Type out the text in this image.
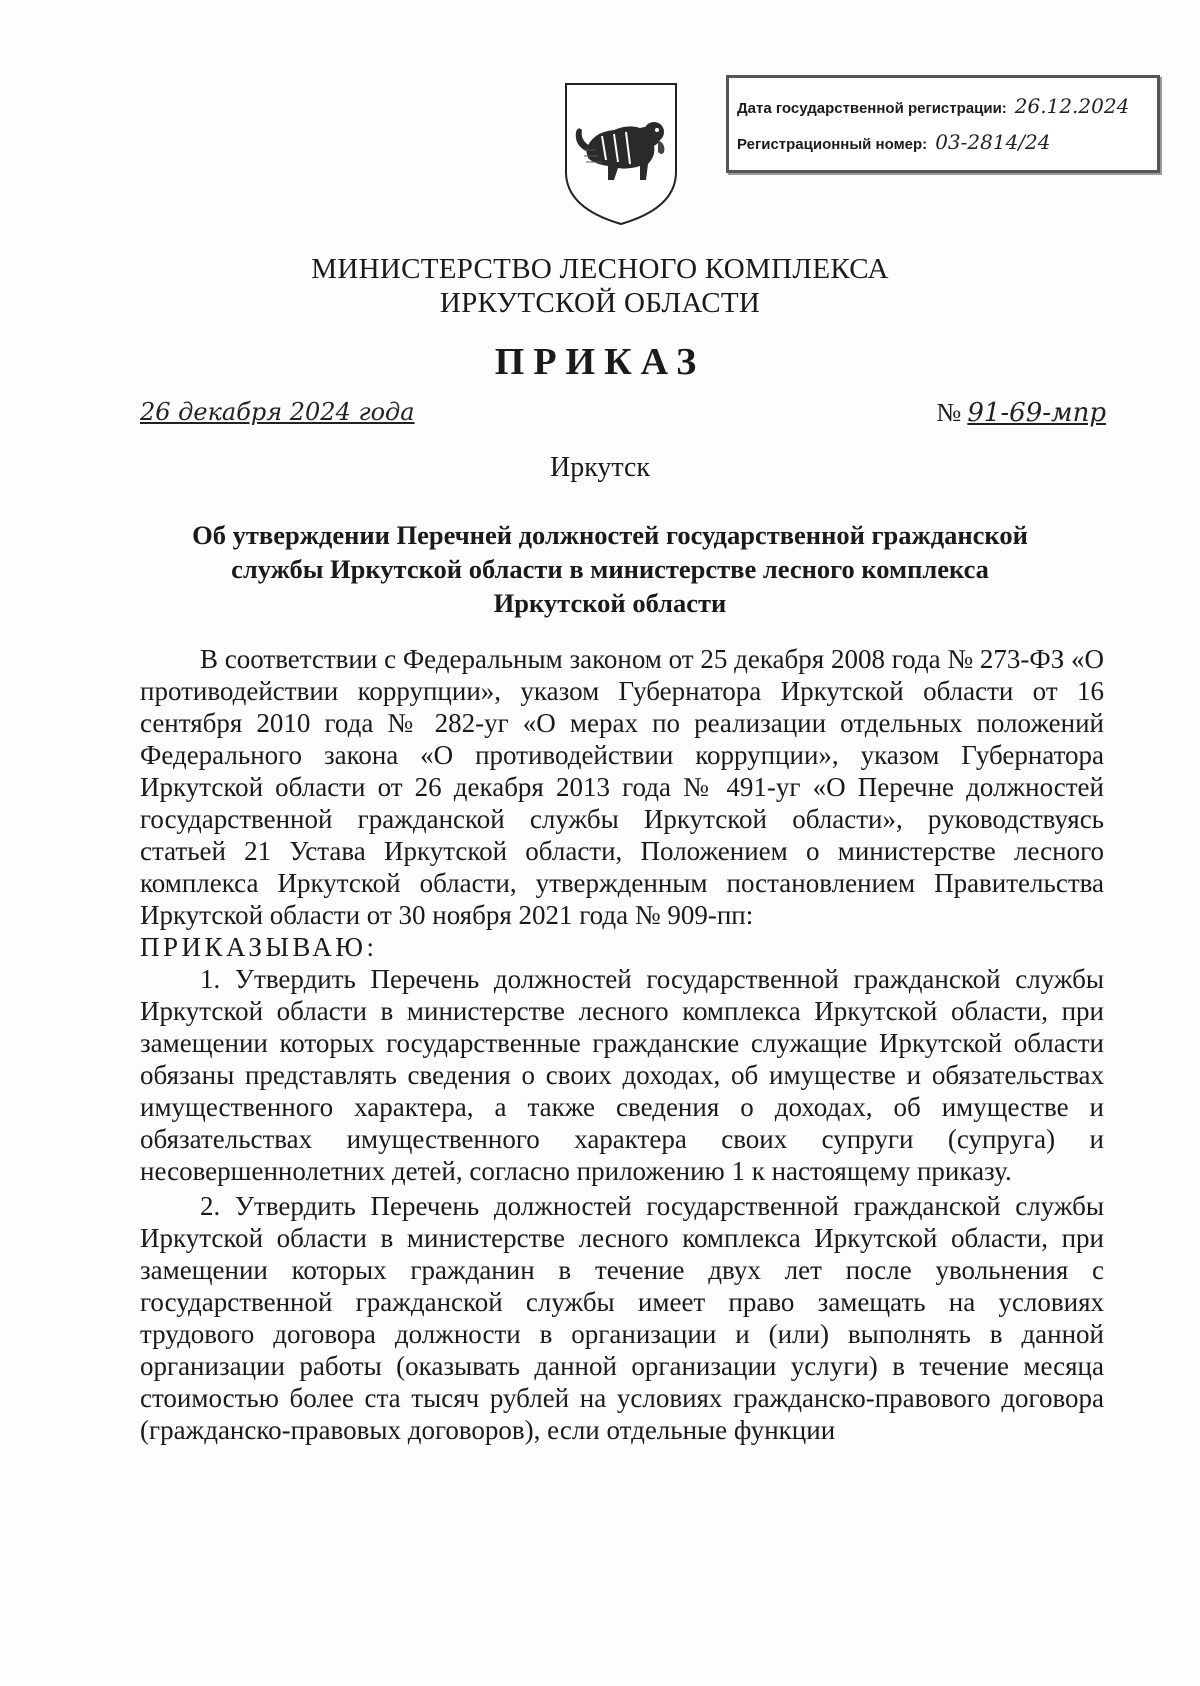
Дата государственной регистрации: 26.12.2024
Регистрационный номер: 03-2814/24
МИНИСТЕРСТВО ЛЕСНОГО КОМПЛЕКСА
ИРКУТСКОЙ ОБЛАСТИ
ПРИКАЗ
26 декабря 2024 года	№ 91-69-мпр
Иркутск
Об утверждении Перечней должностей государственной гражданской
службы Иркутской области в министерстве лесного комплекса
Иркутской области

В соответствии с Федеральным законом от 25 декабря 2008 года № 273-ФЗ «О противодействии коррупции», указом Губернатора Иркутской области от 16 сентября 2010 года № 282-уг «О мерах по реализации отдельных положений Федерального закона «О противодействии коррупции», указом Губернатора Иркутской области от 26 декабря 2013 года № 491-уг «О Перечне должностей государственной гражданской службы Иркутской области», руководствуясь статьей 21 Устава Иркутской области, Положением о министерстве лесного комплекса Иркутской области, утвержденным постановлением Правительства Иркутской области от 30 ноября 2021 года № 909-пп:

ПРИКАЗЫВАЮ:

1. Утвердить Перечень должностей государственной гражданской службы Иркутской области в министерстве лесного комплекса Иркутской области, при замещении которых государственные гражданские служащие Иркутской области обязаны представлять сведения о своих доходах, об имуществе и обязательствах имущественного характера, а также сведения о доходах, об имуществе и обязательствах имущественного характера своих супруги (супруга) и несовершеннолетних детей, согласно приложению 1 к настоящему приказу.

2. Утвердить Перечень должностей государственной гражданской службы Иркутской области в министерстве лесного комплекса Иркутской области, при замещении которых гражданин в течение двух лет после увольнения с государственной гражданской службы имеет право замещать на условиях трудового договора должности в организации и (или) выполнять в данной организации работы (оказывать данной организации услуги) в течение месяца стоимостью более ста тысяч рублей на условиях гражданско-правового договора (гражданско-правовых договоров), если отдельные функции
